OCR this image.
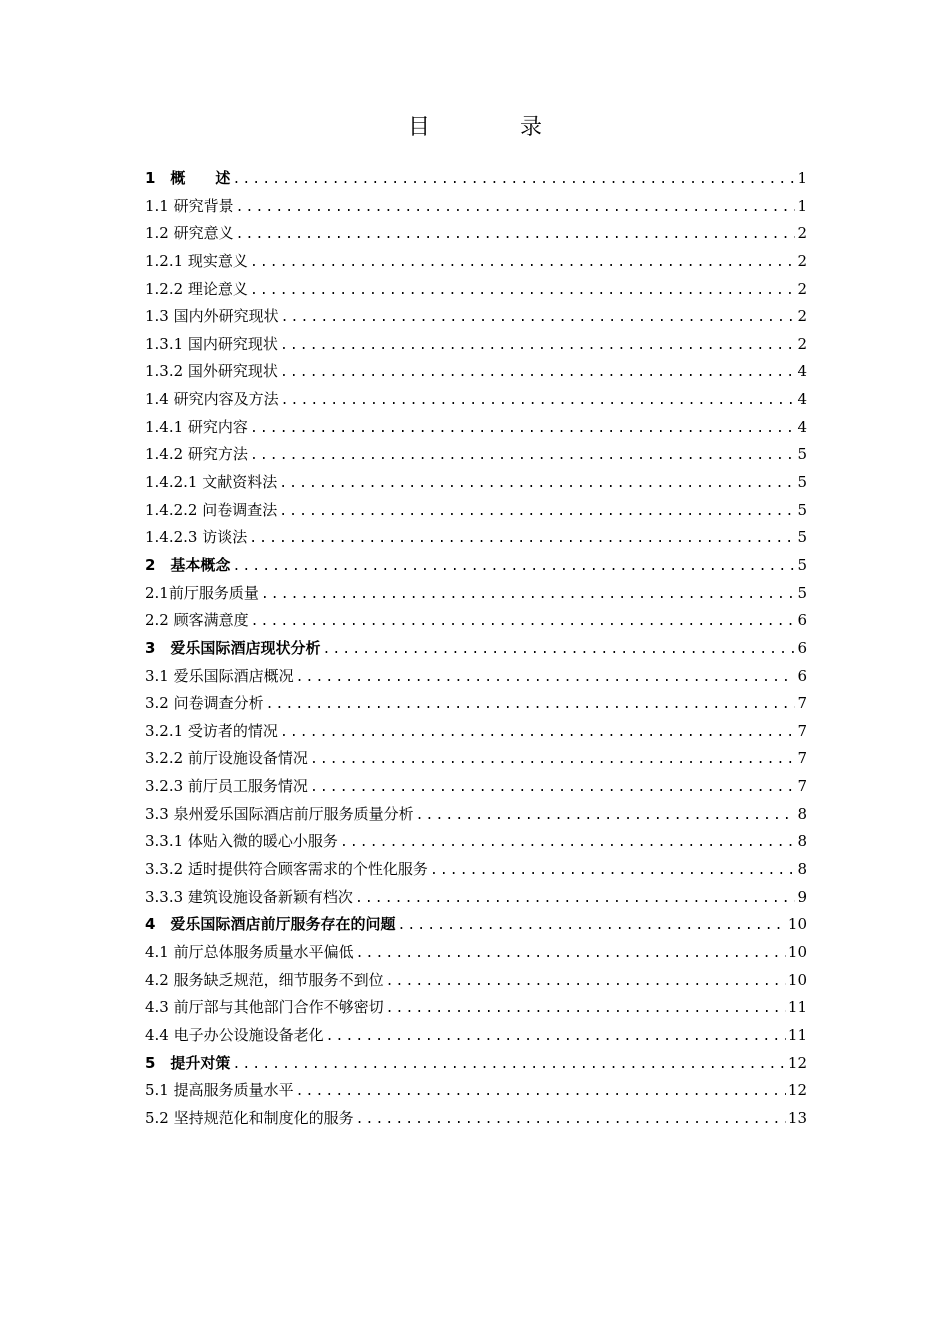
目　录
1　概　　述 .....	1
1.1 研究背景 .....	1
1.2 研究意义 .....	2
1.2.1 现实意义 .....	2
1.2.2 理论意义 .....	2
1.3 国内外研究现状 .....	2
1.3.1 国内研究现状 .....	2
1.3.2 国外研究现状 .....	4
1.4 研究内容及方法 .....	4
1.4.1 研究内容 .....	4
1.4.2 研究方法 .....	5
1.4.2.1 文献资料法 .....	5
1.4.2.2 问卷调查法 .....	5
1.4.2.3 访谈法 .....	5
2　基本概念 .....	5
2.1前厅服务质量 .....	5
2.2 顾客满意度 .....	6
3　爱乐国际酒店现状分析 .....	6
3.1 爱乐国际酒店概况 .....	6
3.2 问卷调查分析 .....	7
3.2.1 受访者的情况 .....	7
3.2.2 前厅设施设备情况 .....	7
3.2.3 前厅员工服务情况 .....	7
3.3 泉州爱乐国际酒店前厅服务质量分析 .....	8
3.3.1 体贴入微的暖心小服务 .....	8
3.3.2 适时提供符合顾客需求的个性化服务 .....	8
3.3.3 建筑设施设备新颖有档次 .....	9
4　爱乐国际酒店前厅服务存在的问题 .....	10
4.1 前厅总体服务质量水平偏低 .....	10
4.2 服务缺乏规范，细节服务不到位 .....	10
4.3 前厅部与其他部门合作不够密切 .....	11
4.4 电子办公设施设备老化 .....	11
5　提升对策 .....	12
5.1 提高服务质量水平 .....	12
5.2 坚持规范化和制度化的服务 .....	13
